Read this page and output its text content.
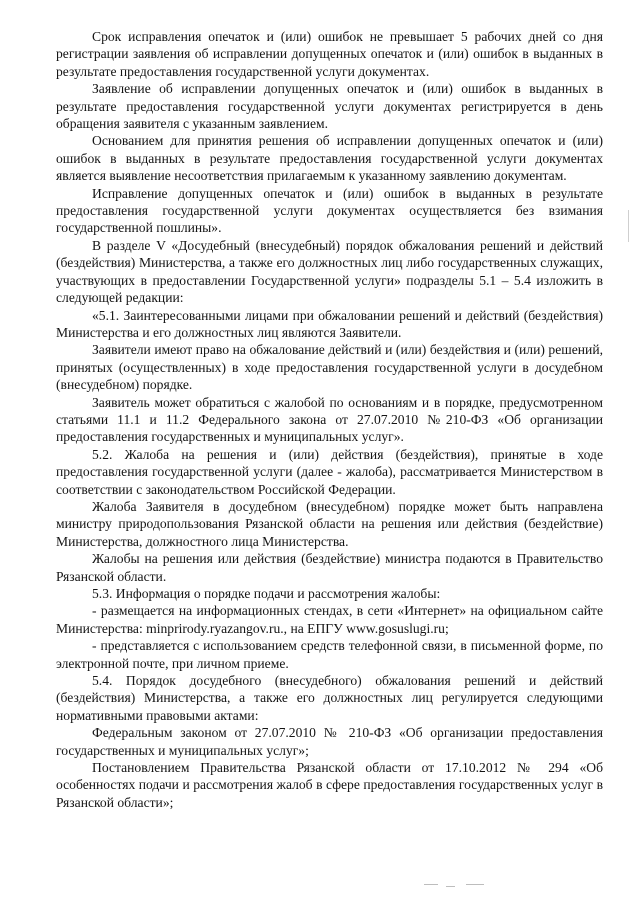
Срок исправления опечаток и (или) ошибок не превышает 5 рабочих дней со дня регистрации заявления об исправлении допущенных опечаток и (или) ошибок в выданных в результате предоставления государственной услуги документах.

Заявление об исправлении допущенных опечаток и (или) ошибок в выданных в результате предоставления государственной услуги документах регистрируется в день обращения заявителя с указанным заявлением.

Основанием для принятия решения об исправлении допущенных опечаток и (или) ошибок в выданных в результате предоставления государственной услуги документах является выявление несоответствия прилагаемым к указанному заявлению документам.

Исправление допущенных опечаток и (или) ошибок в выданных в результате предоставления государственной услуги документах осуществляется без взимания государственной пошлины».

В разделе V «Досудебный (внесудебный) порядок обжалования решений и действий (бездействия) Министерства, а также его должностных лиц либо государственных служащих, участвующих в предоставлении Государственной услуги» подразделы 5.1 – 5.4 изложить в следующей редакции:

«5.1. Заинтересованными лицами при обжаловании решений и действий (бездействия) Министерства и его должностных лиц являются Заявители.

Заявители имеют право на обжалование действий и (или) бездействия и (или) решений, принятых (осуществленных) в ходе предоставления государственной услуги в досудебном (внесудебном) порядке.

Заявитель может обратиться с жалобой по основаниям и в порядке, предусмотренном статьями 11.1 и 11.2 Федерального закона от 27.07.2010 №210-ФЗ «Об организации предоставления государственных и муниципальных услуг».

5.2. Жалоба на решения и (или) действия (бездействия), принятые в ходе предоставления государственной услуги (далее - жалоба), рассматривается Министерством в соответствии с законодательством Российской Федерации.

Жалоба Заявителя в досудебном (внесудебном) порядке может быть направлена министру природопользования Рязанской области на решения или действия (бездействие) Министерства, должностного лица Министерства.

Жалобы на решения или действия (бездействие) министра подаются в Правительство Рязанской области.

5.3. Информация о порядке подачи и рассмотрения жалобы:

- размещается на информационных стендах, в сети «Интернет» на официальном сайте Министерства: minprirody.ryazangov.ru., на ЕПГУ www.gosuslugi.ru;

- представляется с использованием средств телефонной связи, в письменной форме, по электронной почте, при личном приеме.

5.4. Порядок досудебного (внесудебного) обжалования решений и действий (бездействия) Министерства, а также его должностных лиц регулируется следующими нормативными правовыми актами:

Федеральным законом от 27.07.2010 № 210-ФЗ «Об организации предоставления государственных и муниципальных услуг»;

Постановлением Правительства Рязанской области от 17.10.2012 № 294 «Об особенностях подачи и рассмотрения жалоб в сфере предоставления государственных услуг в Рязанской области»;
